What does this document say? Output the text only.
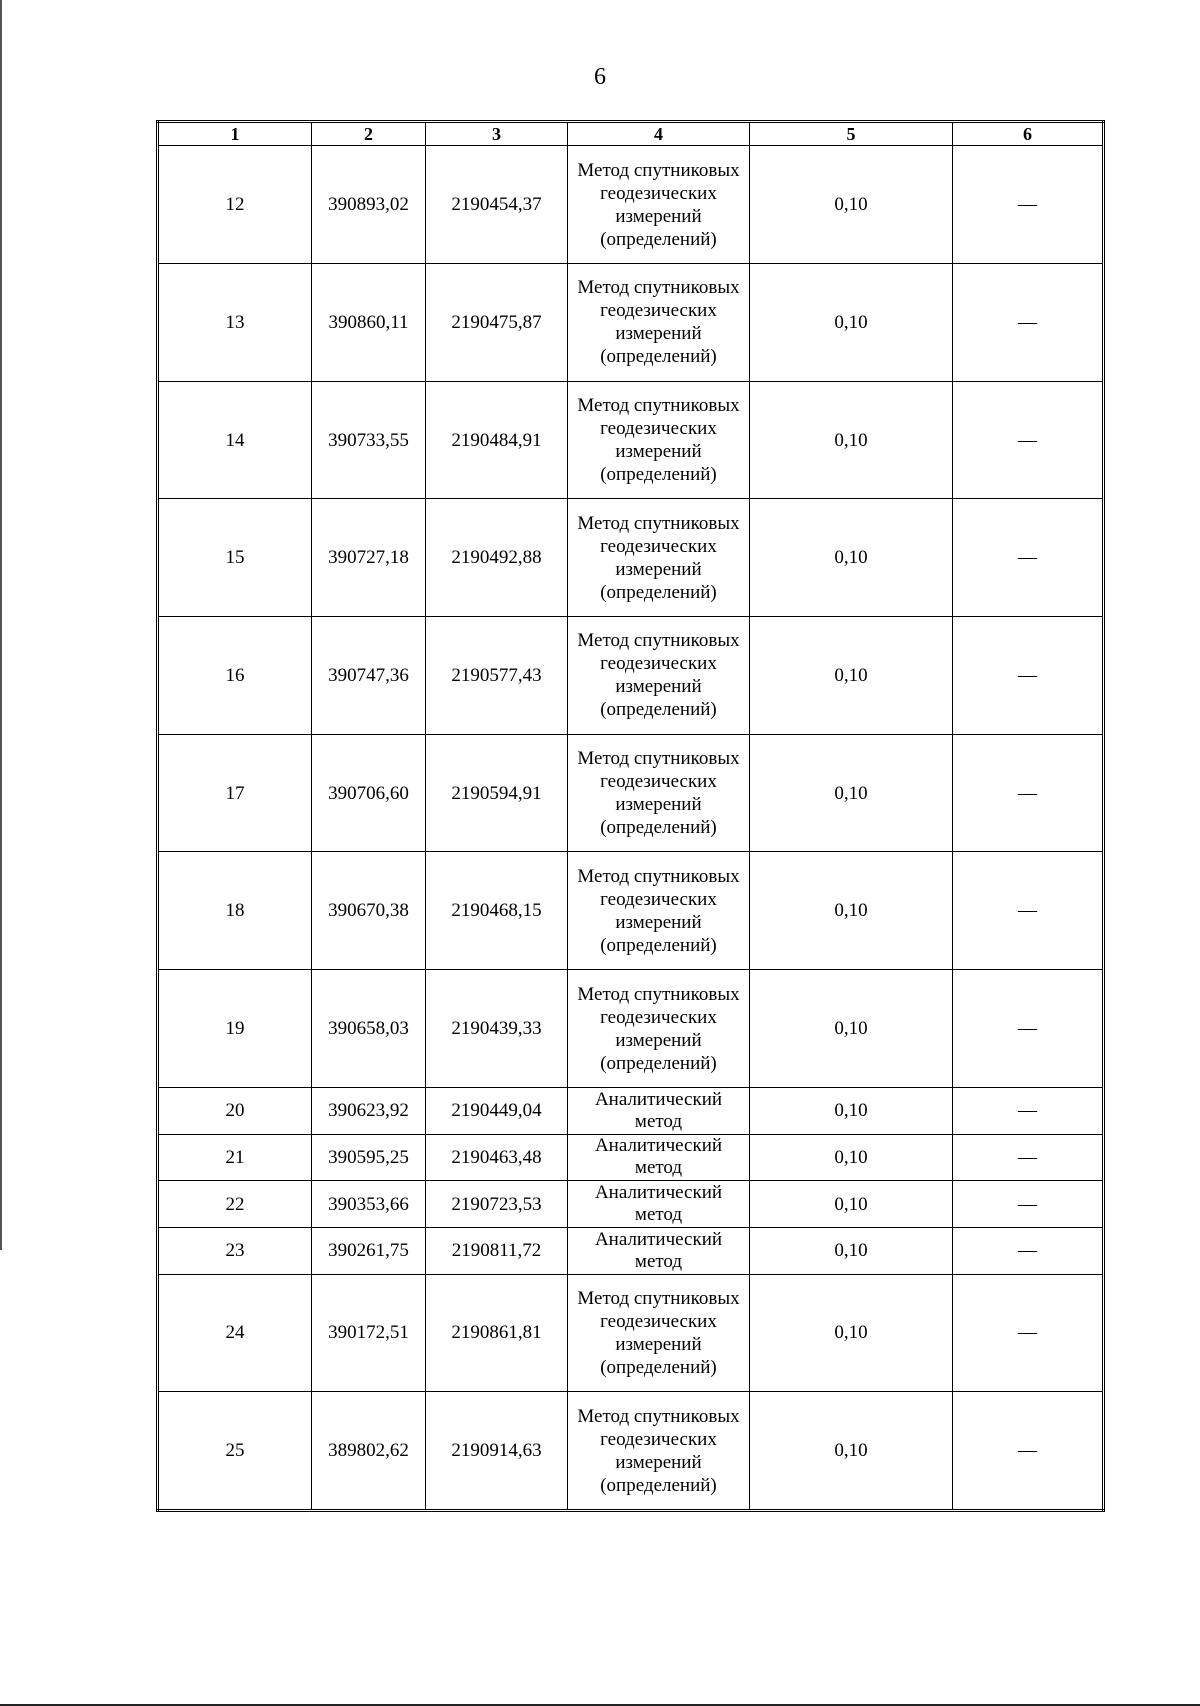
6
1	2	3	4	5	6
12	390893,02	2190454,37	Метод спутниковых геодезических измерений (определений)	0,10	—
13	390860,11	2190475,87	Метод спутниковых геодезических измерений (определений)	0,10	—
14	390733,55	2190484,91	Метод спутниковых геодезических измерений (определений)	0,10	—
15	390727,18	2190492,88	Метод спутниковых геодезических измерений (определений)	0,10	—
16	390747,36	2190577,43	Метод спутниковых геодезических измерений (определений)	0,10	—
17	390706,60	2190594,91	Метод спутниковых геодезических измерений (определений)	0,10	—
18	390670,38	2190468,15	Метод спутниковых геодезических измерений (определений)	0,10	—
19	390658,03	2190439,33	Метод спутниковых геодезических измерений (определений)	0,10	—
20	390623,92	2190449,04	Аналитический метод	0,10	—
21	390595,25	2190463,48	Аналитический метод	0,10	—
22	390353,66	2190723,53	Аналитический метод	0,10	—
23	390261,75	2190811,72	Аналитический метод	0,10	—
24	390172,51	2190861,81	Метод спутниковых геодезических измерений (определений)	0,10	—
25	389802,62	2190914,63	Метод спутниковых геодезических измерений (определений)	0,10	—
